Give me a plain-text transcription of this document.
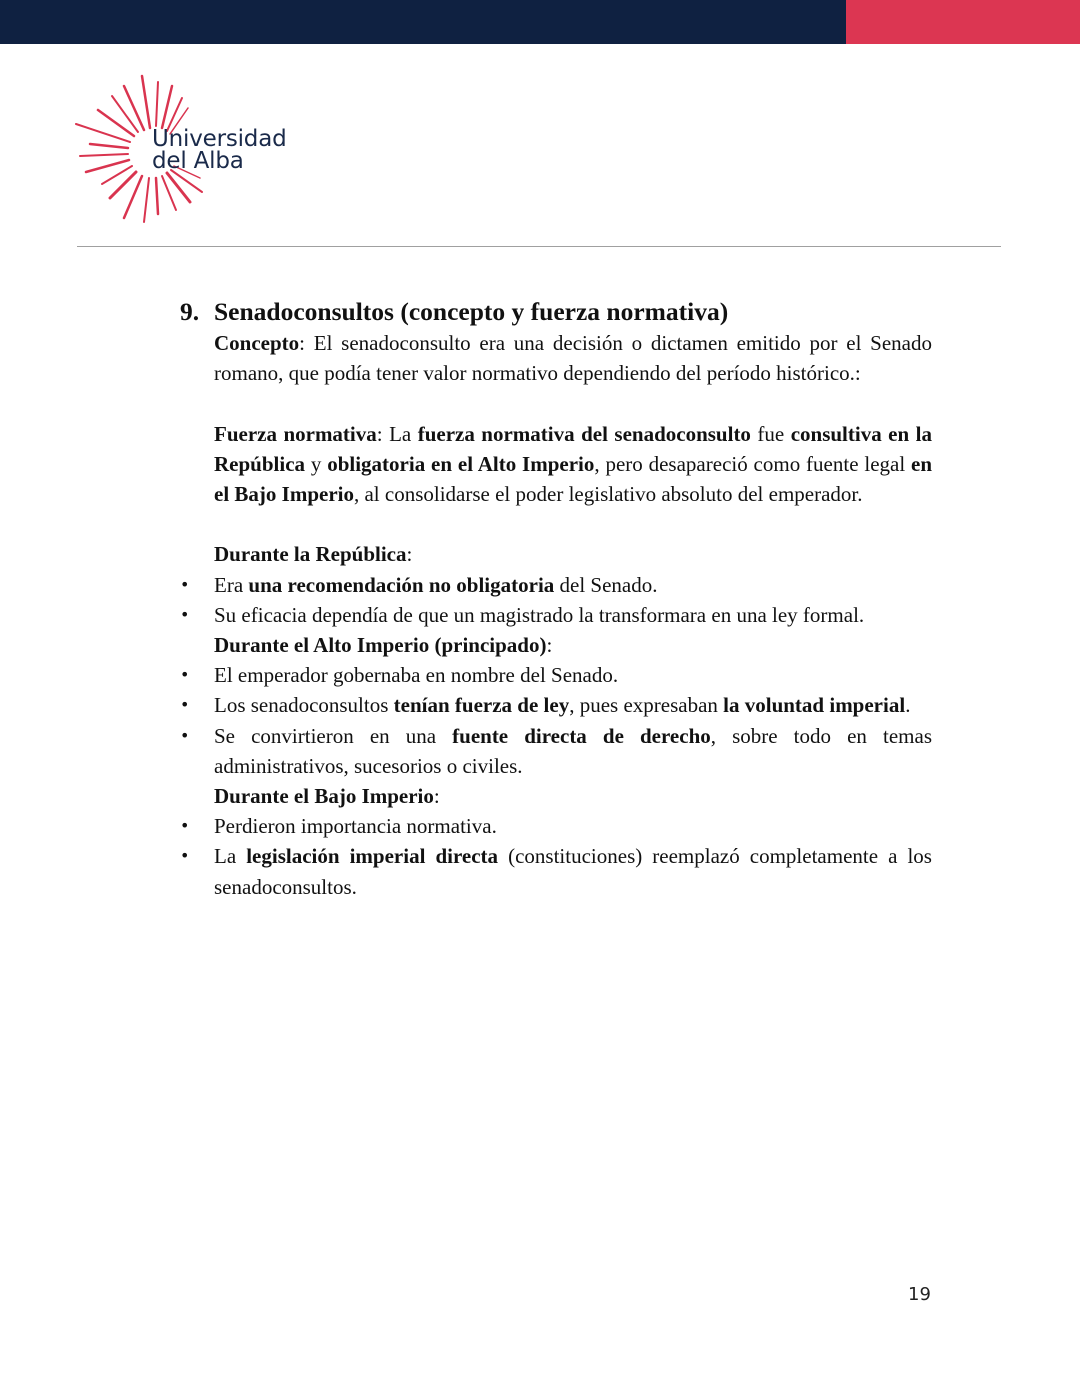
Universidad
del Alba
9. Senadoconsultos (concepto y fuerza normativa)

Concepto: El senadoconsulto era una decisión o dictamen emitido por el Senado romano, que podía tener valor normativo dependiendo del período histórico.:

Fuerza normativa: La fuerza normativa del senadoconsulto fue consultiva en la República y obligatoria en el Alto Imperio, pero desapareció como fuente legal en el Bajo Imperio, al consolidarse el poder legislativo absoluto del emperador.

Durante la República:
• Era una recomendación no obligatoria del Senado.
• Su eficacia dependía de que un magistrado la transformara en una ley formal.
Durante el Alto Imperio (principado):
• El emperador gobernaba en nombre del Senado.
• Los senadoconsultos tenían fuerza de ley, pues expresaban la voluntad imperial.
• Se convirtieron en una fuente directa de derecho, sobre todo en temas administrativos, sucesorios o civiles.
Durante el Bajo Imperio:
• Perdieron importancia normativa.
• La legislación imperial directa (constituciones) reemplazó completamente a los senadoconsultos.
19
